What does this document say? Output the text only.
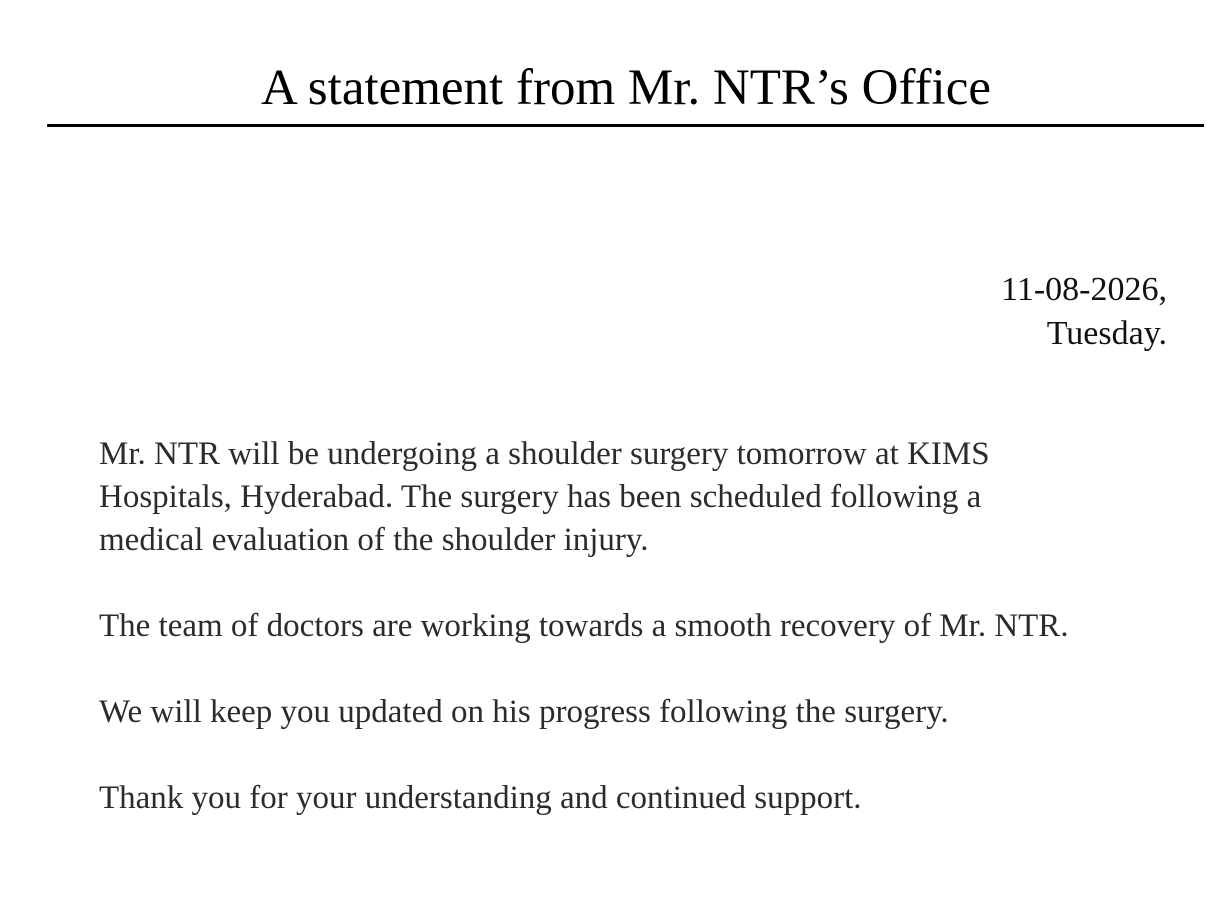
A statement from Mr. NTR’s Office
11-08-2026,
Tuesday.

Mr. NTR will be undergoing a shoulder surgery tomorrow at KIMS
Hospitals, Hyderabad. The surgery has been scheduled following a
medical evaluation of the shoulder injury.

The team of doctors are working towards a smooth recovery of Mr. NTR.

We will keep you updated on his progress following the surgery.

Thank you for your understanding and continued support.
